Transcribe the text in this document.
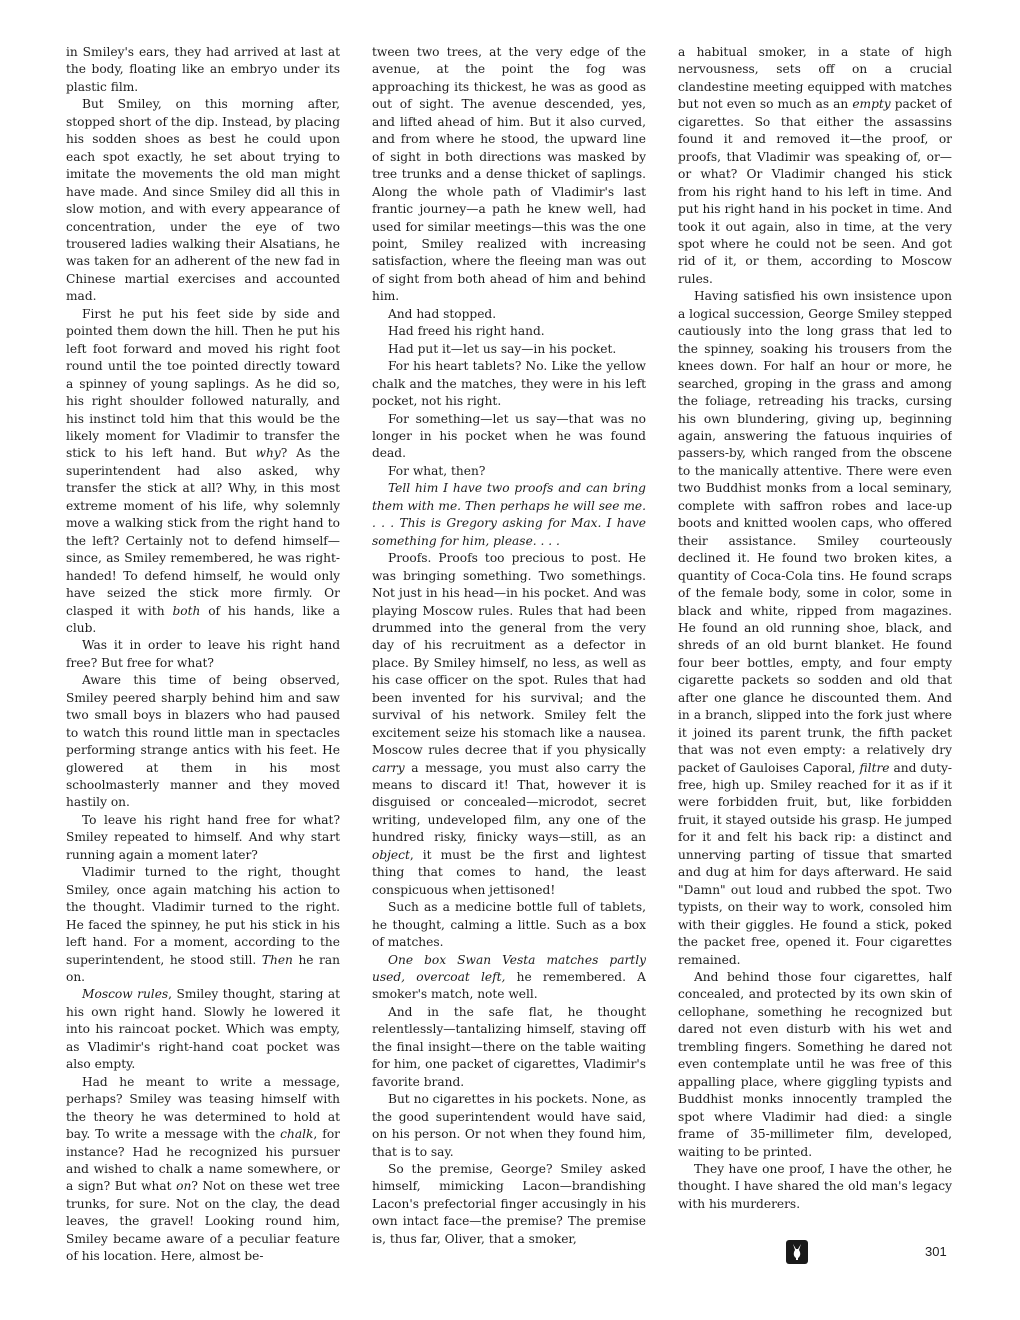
in Smiley's ears, they had arrived at last at the body, floating like an embryo under its plastic film.

But Smiley, on this morning after, stopped short of the dip. Instead, by placing his sodden shoes as best he could upon each spot exactly, he set about trying to imitate the movements the old man might have made. And since Smiley did all this in slow motion, and with every appearance of concentration, under the eye of two trousered ladies walking their Alsatians, he was taken for an adherent of the new fad in Chinese martial exercises and accounted mad.

First he put his feet side by side and pointed them down the hill. Then he put his left foot forward and moved his right foot round until the toe pointed directly toward a spinney of young saplings. As he did so, his right shoulder followed naturally, and his instinct told him that this would be the likely moment for Vladimir to transfer the stick to his left hand. But why? As the superintendent had also asked, why transfer the stick at all? Why, in this most extreme moment of his life, why solemnly move a walking stick from the right hand to the left? Certainly not to defend himself—since, as Smiley remembered, he was right-handed! To defend himself, he would only have seized the stick more firmly. Or clasped it with both of his hands, like a club.

Was it in order to leave his right hand free? But free for what?

Aware this time of being observed, Smiley peered sharply behind him and saw two small boys in blazers who had paused to watch this round little man in spectacles performing strange antics with his feet. He glowered at them in his most schoolmasterly manner and they moved hastily on.

To leave his right hand free for what? Smiley repeated to himself. And why start running again a moment later?

Vladimir turned to the right, thought Smiley, once again matching his action to the thought. Vladimir turned to the right. He faced the spinney, he put his stick in his left hand. For a moment, according to the superintendent, he stood still. Then he ran on.

Moscow rules, Smiley thought, staring at his own right hand. Slowly he lowered it into his raincoat pocket. Which was empty, as Vladimir's right-hand coat pocket was also empty.

Had he meant to write a message, perhaps? Smiley was teasing himself with the theory he was determined to hold at bay. To write a message with the chalk, for instance? Had he recognized his pursuer and wished to chalk a name somewhere, or a sign? But what on? Not on these wet tree trunks, for sure. Not on the clay, the dead leaves, the gravel! Looking round him, Smiley became aware of a peculiar feature of his location. Here, almost be-

tween two trees, at the very edge of the avenue, at the point the fog was approaching its thickest, he was as good as out of sight. The avenue descended, yes, and lifted ahead of him. But it also curved, and from where he stood, the upward line of sight in both directions was masked by tree trunks and a dense thicket of saplings. Along the whole path of Vladimir's last frantic journey—a path he knew well, had used for similar meetings—this was the one point, Smiley realized with increasing satisfaction, where the fleeing man was out of sight from both ahead of him and behind him.

And had stopped.

Had freed his right hand.

Had put it—let us say—in his pocket.

For his heart tablets? No. Like the yellow chalk and the matches, they were in his left pocket, not his right.

For something—let us say—that was no longer in his pocket when he was found dead.

For what, then?

Tell him I have two proofs and can bring them with me. Then perhaps he will see me. . . . This is Gregory asking for Max. I have something for him, please. . . .

Proofs. Proofs too precious to post. He was bringing something. Two somethings. Not just in his head—in his pocket. And was playing Moscow rules. Rules that had been drummed into the general from the very day of his recruitment as a defector in place. By Smiley himself, no less, as well as his case officer on the spot. Rules that had been invented for his survival; and the survival of his network. Smiley felt the excitement seize his stomach like a nausea. Moscow rules decree that if you physically carry a message, you must also carry the means to discard it! That, however it is disguised or concealed—microdot, secret writing, undeveloped film, any one of the hundred risky, finicky ways—still, as an object, it must be the first and lightest thing that comes to hand, the least conspicuous when jettisoned!

Such as a medicine bottle full of tablets, he thought, calming a little. Such as a box of matches.

One box Swan Vesta matches partly used, overcoat left, he remembered. A smoker's match, note well.

And in the safe flat, he thought relentlessly—tantalizing himself, staving off the final insight—there on the table waiting for him, one packet of cigarettes, Vladimir's favorite brand.

But no cigarettes in his pockets. None, as the good superintendent would have said, on his person. Or not when they found him, that is to say.

So the premise, George? Smiley asked himself, mimicking Lacon—brandishing Lacon's prefectorial finger accusingly in his own intact face—the premise? The premise is, thus far, Oliver, that a smoker,

a habitual smoker, in a state of high nervousness, sets off on a crucial clandestine meeting equipped with matches but not even so much as an empty packet of cigarettes. So that either the assassins found it and removed it—the proof, or proofs, that Vladimir was speaking of, or—or what? Or Vladimir changed his stick from his right hand to his left in time. And put his right hand in his pocket in time. And took it out again, also in time, at the very spot where he could not be seen. And got rid of it, or them, according to Moscow rules.

Having satisfied his own insistence upon a logical succession, George Smiley stepped cautiously into the long grass that led to the spinney, soaking his trousers from the knees down. For half an hour or more, he searched, groping in the grass and among the foliage, retreading his tracks, cursing his own blundering, giving up, beginning again, answering the fatuous inquiries of passers-by, which ranged from the obscene to the manically attentive. There were even two Buddhist monks from a local seminary, complete with saffron robes and lace-up boots and knitted woolen caps, who offered their assistance. Smiley courteously declined it. He found two broken kites, a quantity of Coca-Cola tins. He found scraps of the female body, some in color, some in black and white, ripped from magazines. He found an old running shoe, black, and shreds of an old burnt blanket. He found four beer bottles, empty, and four empty cigarette packets so sodden and old that after one glance he discounted them. And in a branch, slipped into the fork just where it joined its parent trunk, the fifth packet that was not even empty: a relatively dry packet of Gauloises Caporal, filtre and duty-free, high up. Smiley reached for it as if it were forbidden fruit, but, like forbidden fruit, it stayed outside his grasp. He jumped for it and felt his back rip: a distinct and unnerving parting of tissue that smarted and dug at him for days afterward. He said "Damn" out loud and rubbed the spot. Two typists, on their way to work, consoled him with their giggles. He found a stick, poked the packet free, opened it. Four cigarettes remained.

And behind those four cigarettes, half concealed, and protected by its own skin of cellophane, something he recognized but dared not even disturb with his wet and trembling fingers. Something he dared not even contemplate until he was free of this appalling place, where giggling typists and Buddhist monks innocently trampled the spot where Vladimir had died: a single frame of 35-millimeter film, developed, waiting to be printed.

They have one proof, I have the other, he thought. I have shared the old man's legacy with his murderers.

301
